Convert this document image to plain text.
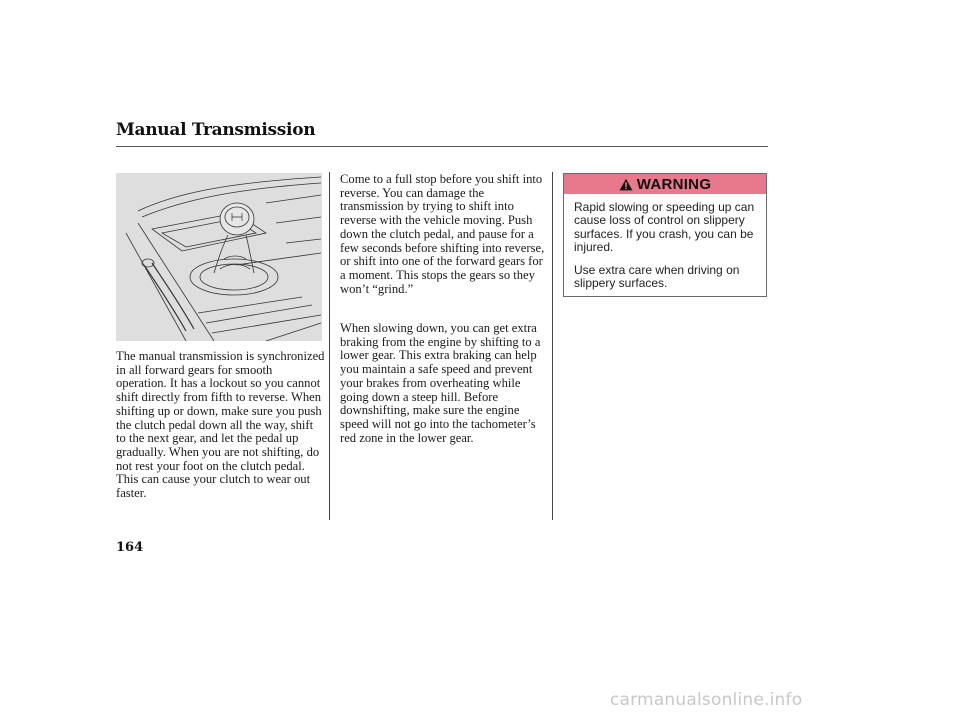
Manual Transmission

The manual transmission is synchronized in all forward gears for smooth operation. It has a lockout so you cannot shift directly from fifth to reverse. When shifting up or down, make sure you push the clutch pedal down all the way, shift to the next gear, and let the pedal up gradually. When you are not shifting, do not rest your foot on the clutch pedal. This can cause your clutch to wear out faster.

Come to a full stop before you shift into reverse. You can damage the transmission by trying to shift into reverse with the vehicle moving. Push down the clutch pedal, and pause for a few seconds before shifting into reverse, or shift into one of the forward gears for a moment. This stops the gears so they won’t “grind.”

When slowing down, you can get extra braking from the engine by shifting to a lower gear. This extra braking can help you maintain a safe speed and prevent your brakes from overheating while going down a steep hill. Before downshifting, make sure the engine speed will not go into the tachometer’s red zone in the lower gear.

WARNING

Rapid slowing or speeding up can cause loss of control on slippery surfaces. If you crash, you can be injured.

Use extra care when driving on slippery surfaces.

164
carmanualsonline.info
